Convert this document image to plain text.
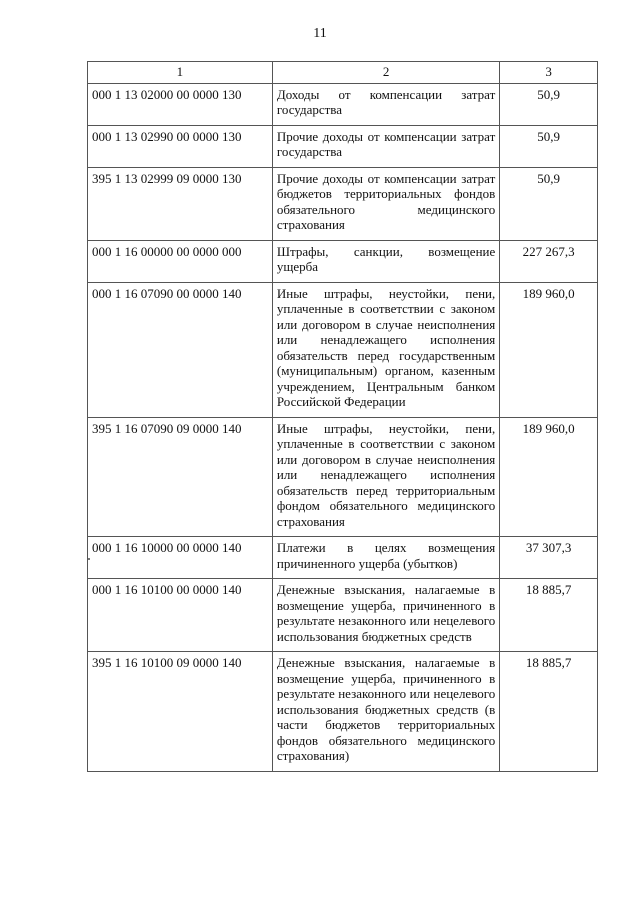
11
1	2	3
000 1 13 02000 00 0000 130	Доходы от компенсации затрат государства	50,9
000 1 13 02990 00 0000 130	Прочие доходы от компенсации затрат государства	50,9
395 1 13 02999 09 0000 130	Прочие доходы от компенсации затрат бюджетов территориальных фондов обязательного медицинского страхования	50,9
000 1 16 00000 00 0000 000	Штрафы, санкции, возмещение ущерба	227 267,3
000 1 16 07090 00 0000 140	Иные штрафы, неустойки, пени, уплаченные в соответствии с законом или договором в случае неисполнения или ненадлежащего исполнения обязательств перед государственным (муниципальным) органом, казенным учреждением, Центральным банком Российской Федерации	189 960,0
395 1 16 07090 09 0000 140	Иные штрафы, неустойки, пени, уплаченные в соответствии с законом или договором в случае неисполнения или ненадлежащего исполнения обязательств перед территориальным фондом обязательного медицинского страхования	189 960,0
000 1 16 10000 00 0000 140	Платежи в целях возмещения причиненного ущерба (убытков)	37 307,3
000 1 16 10100 00 0000 140	Денежные взыскания, налагаемые в возмещение ущерба, причиненного в результате незаконного или нецелевого использования бюджетных средств	18 885,7
395 1 16 10100 09 0000 140	Денежные взыскания, налагаемые в возмещение ущерба, причиненного в результате незаконного или нецелевого использования бюджетных средств (в части бюджетов территориальных фондов обязательного медицинского страхования)	18 885,7
